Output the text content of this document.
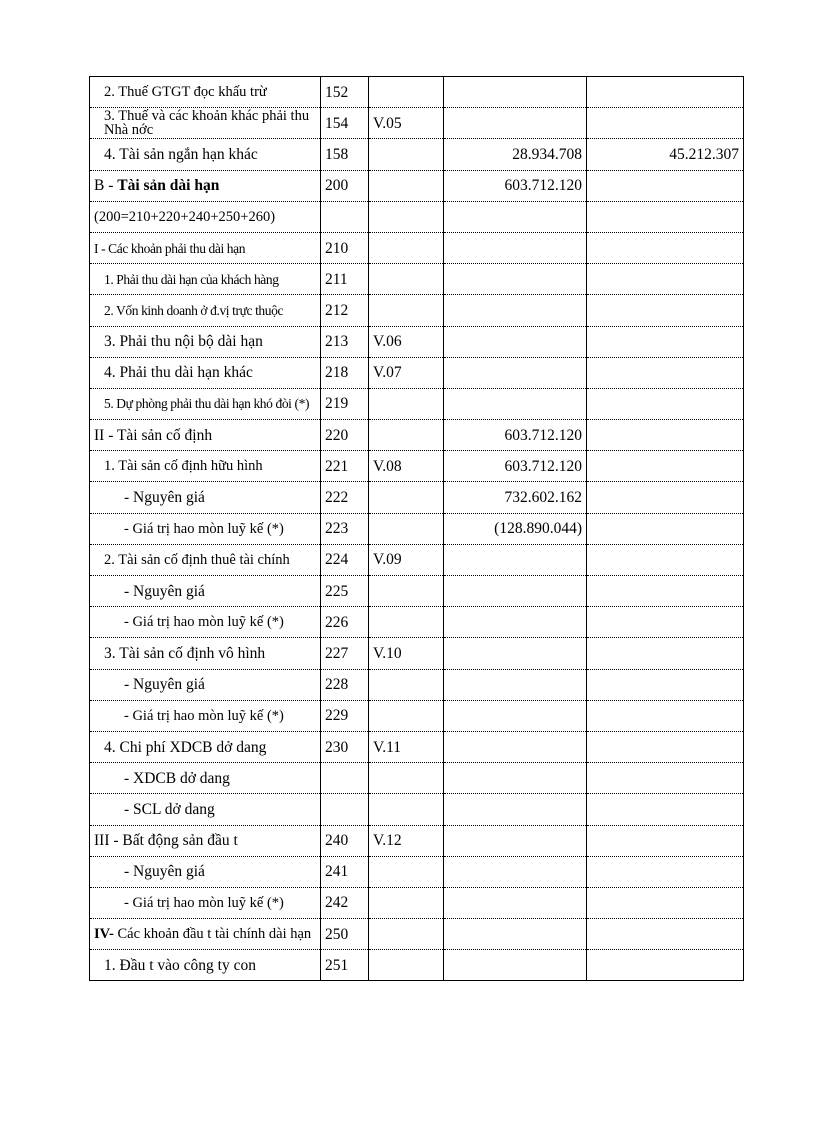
2. Thuế GTGT đọc khấu trừ	152			
3. Thuế và các khoản khác phải thu Nhà nớc	154	V.05		
4. Tài sản ngắn hạn khác	158		28.934.708	45.212.307
B - Tài sản dài hạn	200		603.712.120	
(200=210+220+240+250+260)				
I - Các khoản phải thu dài hạn	210			
1. Phải thu dài hạn của khách hàng	211			
2. Vốn kinh doanh ở đ.vị trực thuộc	212			
3. Phải thu nội bộ dài hạn	213	V.06		
4. Phải thu dài hạn khác	218	V.07		
5. Dự phòng phải thu dài hạn khó đòi (*)	219			
II - Tài sản cố định	220		603.712.120	
1. Tài sản cố định hữu hình	221	V.08	603.712.120	
- Nguyên giá	222		732.602.162	
- Giá trị hao mòn luỹ kế (*)	223		(128.890.044)	
2. Tài sản cố định thuê tài chính	224	V.09		
- Nguyên giá	225			
- Giá trị hao mòn luỹ kế (*)	226			
3. Tài sản cố định vô hình	227	V.10		
- Nguyên giá	228			
- Giá trị hao mòn luỹ kế (*)	229			
4. Chi phí XDCB dở dang	230	V.11		
- XDCB dở dang				
- SCL dở dang				
III - Bất động sản đầu t	240	V.12		
- Nguyên giá	241			
- Giá trị hao mòn luỹ kế (*)	242			
IV- Các khoản đầu t tài chính dài hạn	250			
1. Đầu t vào công ty con	251			
